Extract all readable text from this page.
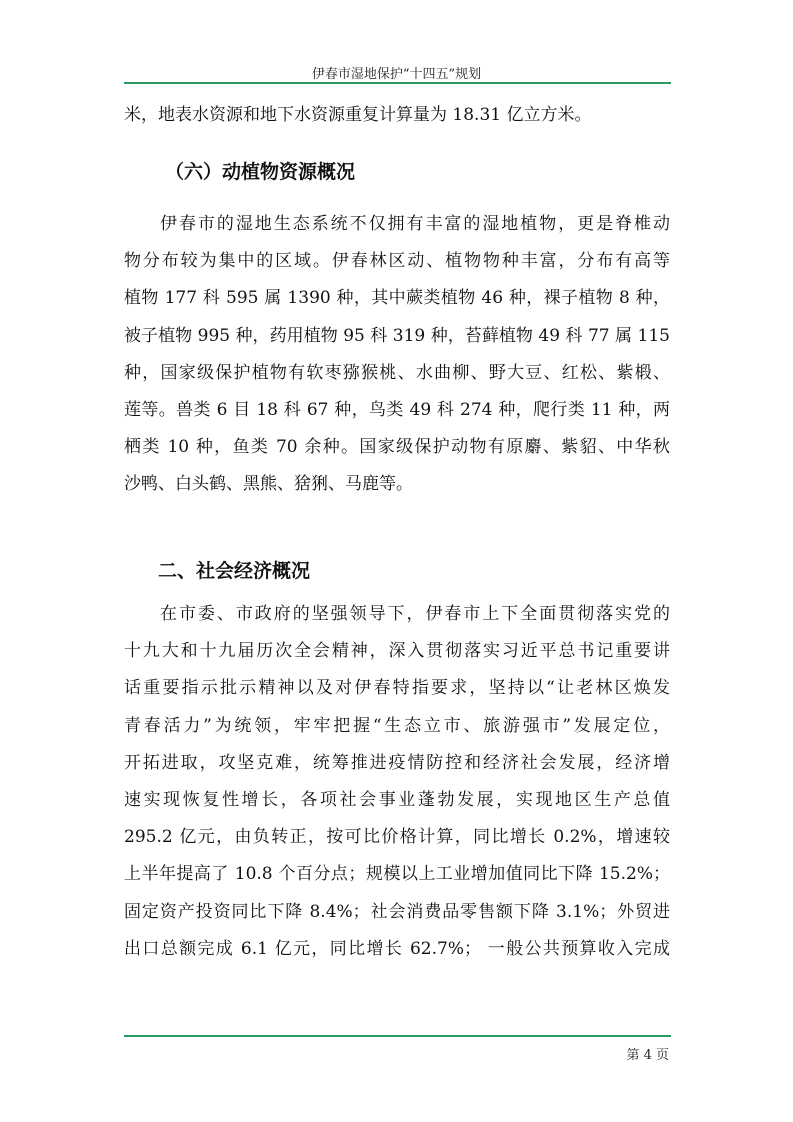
伊春市湿地保护“十四五”规划
米，地表水资源和地下水资源重复计算量为 18.31 亿立方米。
（六）动植物资源概况
伊春市的湿地生态系统不仅拥有丰富的湿地植物，更是脊椎动
物分布较为集中的区域。伊春林区动、植物物种丰富，分布有高等
植物 177 科 595 属 1390 种，其中蕨类植物 46 种，裸子植物 8 种，
被子植物 995 种，药用植物 95 科 319 种，苔藓植物 49 科 77 属 115
种，国家级保护植物有软枣猕猴桃、水曲柳、野大豆、红松、紫椴、
莲等。兽类 6 目 18 科 67 种，鸟类 49 科 274 种，爬行类 11 种，两
栖类 10 种，鱼类 70 余种。国家级保护动物有原麝、紫貂、中华秋
沙鸭、白头鹤、黑熊、猞猁、马鹿等。
二、社会经济概况
在市委、市政府的坚强领导下，伊春市上下全面贯彻落实党的
十九大和十九届历次全会精神，深入贯彻落实习近平总书记重要讲
话重要指示批示精神以及对伊春特指要求，坚持以“让老林区焕发
青春活力”为统领，牢牢把握“生态立市、旅游强市”发展定位，
开拓进取，攻坚克难，统筹推进疫情防控和经济社会发展，经济增
速实现恢复性增长，各项社会事业蓬勃发展，实现地区生产总值
295.2 亿元，由负转正，按可比价格计算，同比增长 0.2%，增速较
上半年提高了 10.8 个百分点；规模以上工业增加值同比下降 15.2%；
固定资产投资同比下降 8.4%；社会消费品零售额下降 3.1%；外贸进
出口总额完成 6.1 亿元，同比增长 62.7%； 一般公共预算收入完成
第 4 页
